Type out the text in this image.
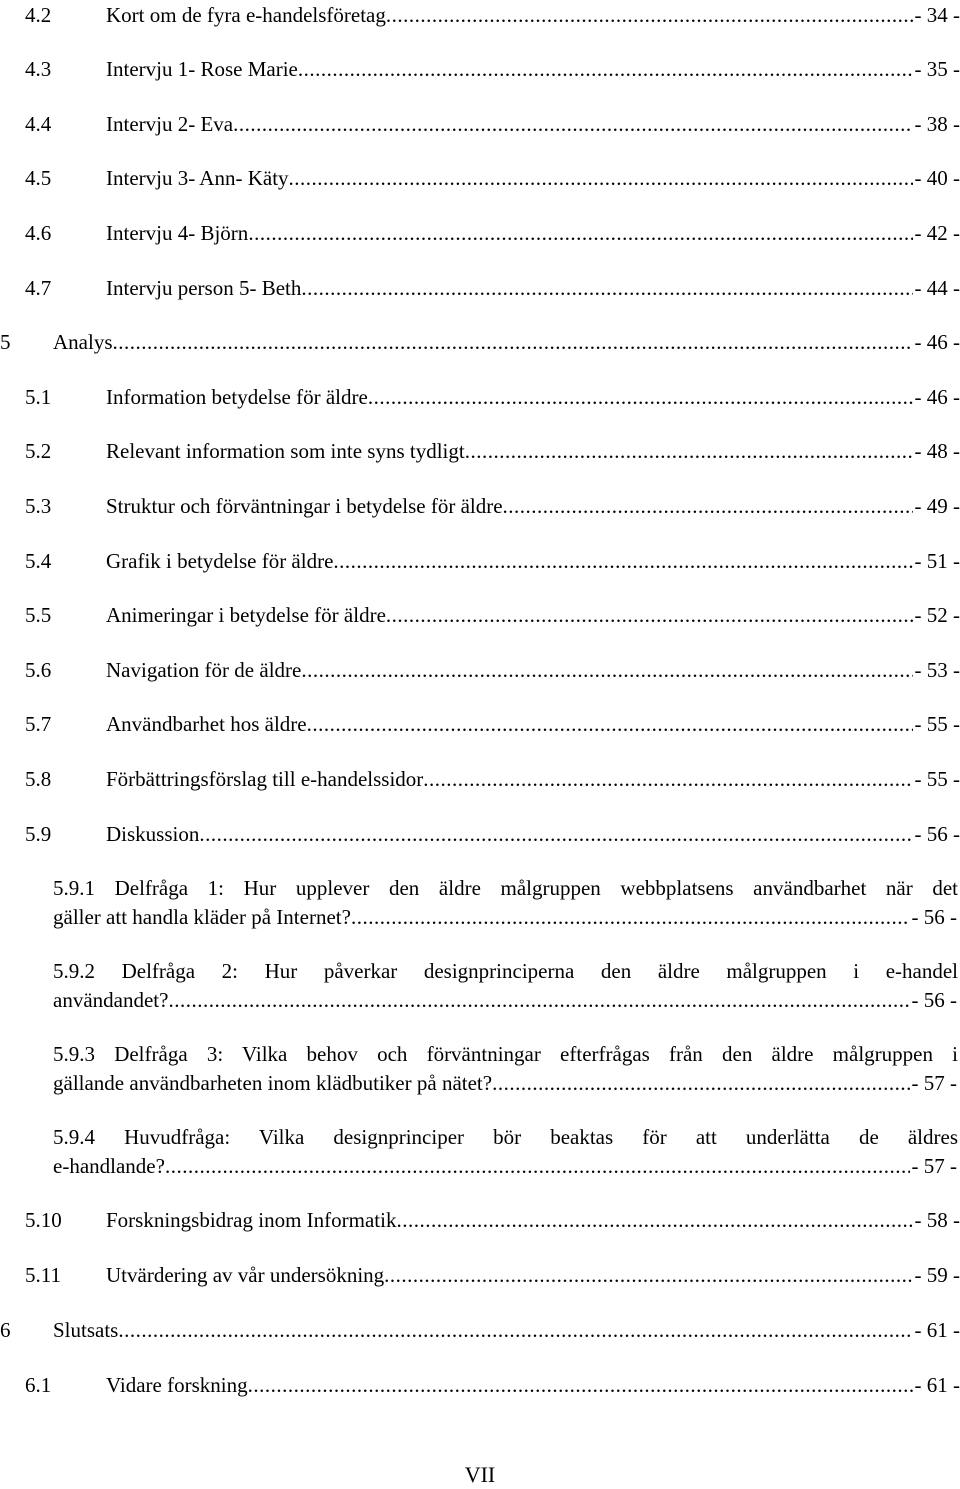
4.2	Kort om de fyra e-handelsföretag .....	- 34 -
4.3	Intervju 1- Rose Marie .....	- 35 -
4.4	Intervju 2- Eva .....	- 38 -
4.5	Intervju 3- Ann- Käty .....	- 40 -
4.6	Intervju 4- Björn .....	- 42 -
4.7	Intervju person 5- Beth .....	- 44 -
5 Analys .....	- 46 -
5.1	Information betydelse för äldre .....	- 46 -
5.2	Relevant information som inte syns tydligt .....	- 48 -
5.3	Struktur och förväntningar i betydelse för äldre .....	- 49 -
5.4	Grafik i betydelse för äldre .....	- 51 -
5.5	Animeringar i betydelse för äldre .....	- 52 -
5.6	Navigation för de äldre .....	- 53 -
5.7	Användbarhet hos äldre .....	- 55 -
5.8	Förbättringsförslag till e-handelssidor .....	- 55 -
5.9	Diskussion .....	- 56 -
5.9.1 Delfråga 1: Hur upplever den äldre målgruppen webbplatsens användbarhet när det
gäller att handla kläder på Internet? .....	- 56 -
5.9.2 Delfråga 2: Hur påverkar designprinciperna den äldre målgruppen i e-handel
användandet? .....	- 56 -
5.9.3 Delfråga 3: Vilka behov och förväntningar efterfrågas från den äldre målgruppen i
gällande användbarheten inom klädbutiker på nätet? .....	- 57 -
5.9.4 Huvudfråga: Vilka designprinciper bör beaktas för att underlätta de äldres
e-handlande? .....	- 57 -
5.10 Forskningsbidrag inom Informatik .....	- 58 -
5.11 Utvärdering av vår undersökning .....	- 59 -
6 Slutsats .....	- 61 -
6.1	Vidare forskning .....	- 61 -
VII
